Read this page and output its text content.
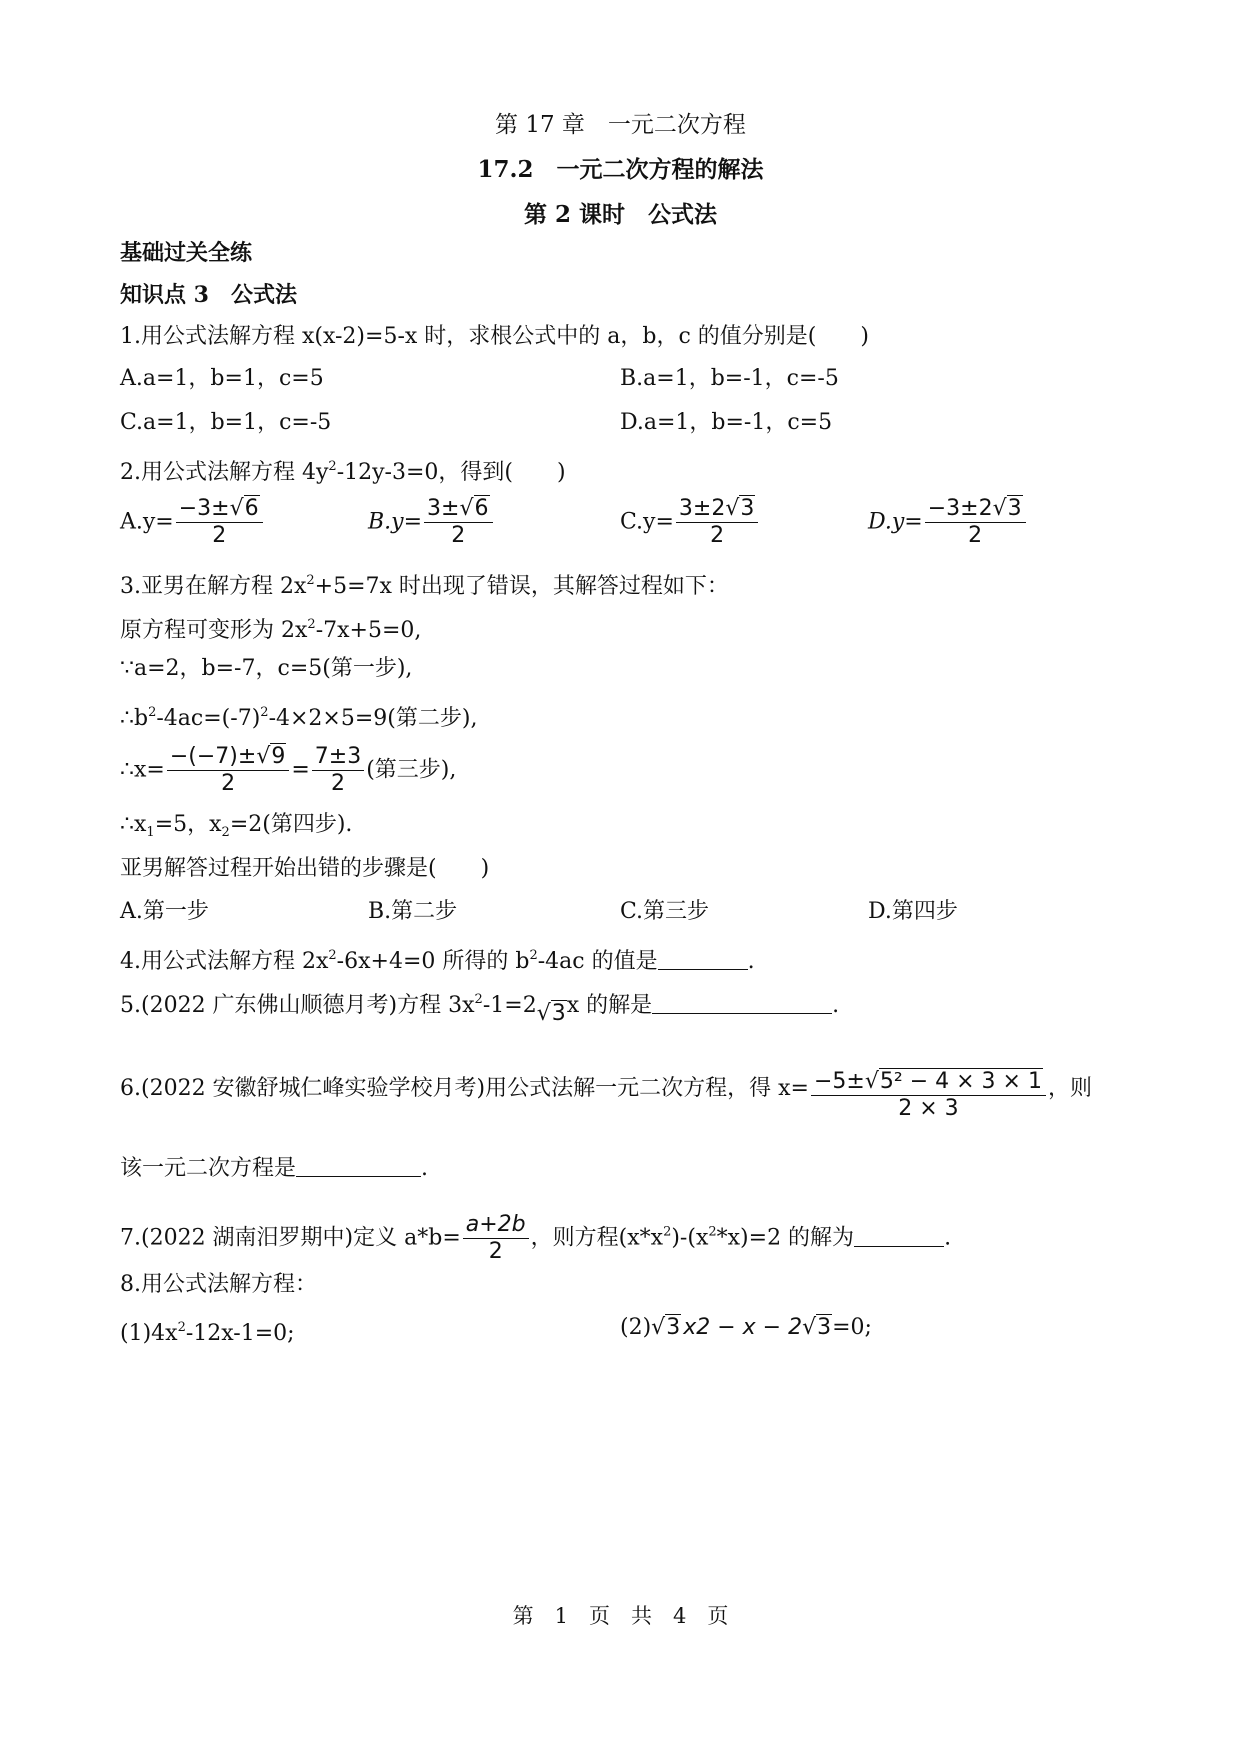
第 17 章　一元二次方程
17.2　一元二次方程的解法
第 2 课时　公式法
基础过关全练
知识点 3　公式法
1.用公式法解方程 x(x-2)=5-x 时，求根公式中的 a，b，c 的值分别是(　　)
A.a=1，b=1，c=5	B.a=1，b=-1，c=-5
C.a=1，b=1，c=-5	D.a=1，b=-1，c=5
2.用公式法解方程 $4y^2-12y-3=0$，得到(　　)
$A.y= \frac{-3\pm√6}{2}$	$B.y= \frac{3\pm√6}{2}$	$C.y= \frac{3\pm 2√3}{2}$	$D.y= \frac{-3\pm 2√3}{2}$
3.亚男在解方程 $2x^2+5=7x$ 时出现了错误，其解答过程如下：
原方程可变形为 $2x^2-7x+5=0$,
∵a=2，b=-7，c=5(第一步),
$\therefore b^2-4ac=(-7)^2-4\times 2\times 5=9$(第二步),
∴x= $\frac{-(-7)\pm√9}{2} = \frac{7\pm 3}{2}$ (第三步),
$\therefore x_1=5$，$x_2=2$(第四步).
亚男解答过程开始出错的步骤是(　　)
A.第一步	B.第二步	C.第三步	D.第四步
4.用公式法解方程 $2x^2-6x+4=0$ 所得的 $b^2-4ac$ 的值是	.
5.(2022 广东佛山顺德月考)方程 $3x^2-1=2√3x$ 的解是	.
6.(2022 安徽舒城仁峰实验学校月考)用公式法解一元二次方程，得 $x= \frac{\text{−5±√5² − 4 × 3 × 1}}{2 \times 3}$ ，则
该一元二次方程是	.
7.(2022 湖南汨罗期中)定义 $a*b= \frac{a+2b}{2}$ ，则方程$(x*x^2)-(x^2*x)=2$ 的解为	.
8.用公式法解方程：
$(1)4x^2-12x-1=0$;	(2)√3 x2 − x − 2√3=0;
第　1　页　共　4　页
